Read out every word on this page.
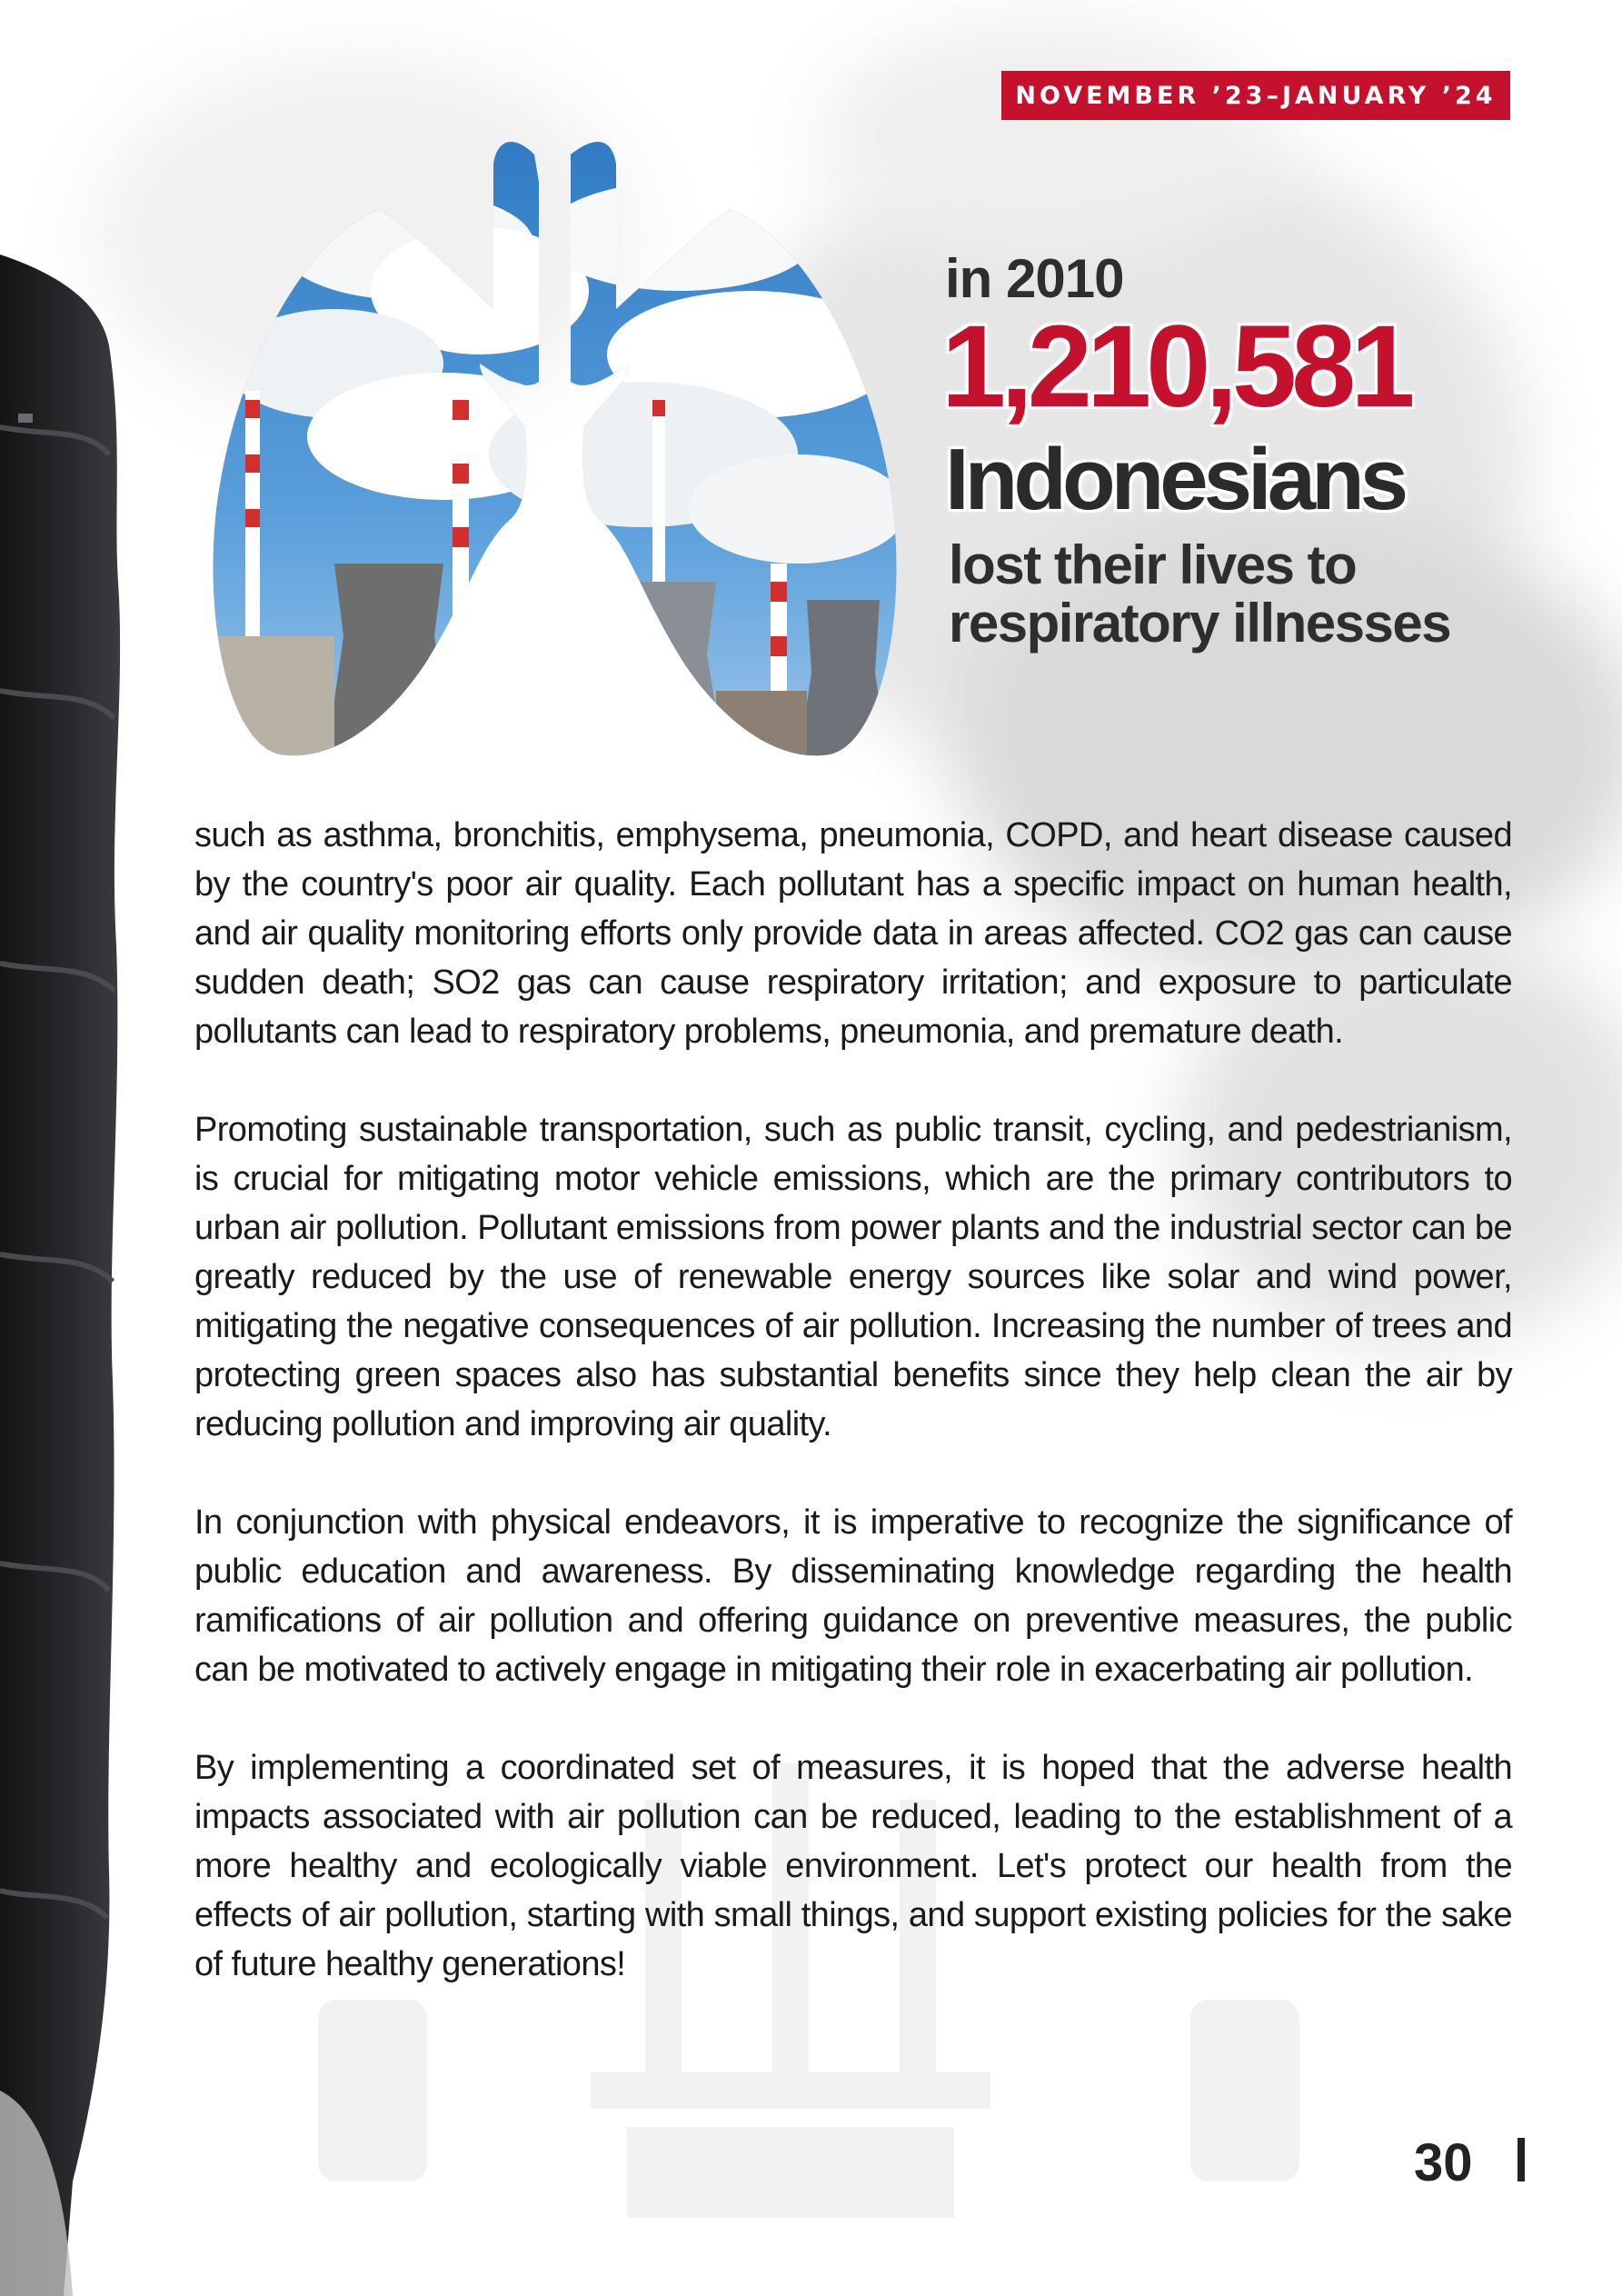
NOVEMBER ’23–JANUARY ’24
in 2010
1,210,581
Indonesians
lost their lives to
respiratory illnesses

such as asthma, bronchitis, emphysema, pneumonia, COPD, and heart disease caused by the country's poor air quality. Each pollutant has a specific impact on human health, and air quality monitoring efforts only provide data in areas affected. CO2 gas can cause sudden death; SO2 gas can cause respiratory irritation; and exposure to particulate pollutants can lead to respiratory problems, pneumonia, and premature death.

Promoting sustainable transportation, such as public transit, cycling, and pedestrianism, is crucial for mitigating motor vehicle emissions, which are the primary contributors to urban air pollution. Pollutant emissions from power plants and the industrial sector can be greatly reduced by the use of renewable energy sources like solar and wind power, mitigating the negative consequences of air pollution. Increasing the number of trees and protecting green spaces also has substantial benefits since they help clean the air by reducing pollution and improving air quality.

In conjunction with physical endeavors, it is imperative to recognize the significance of public education and awareness. By disseminating knowledge regarding the health ramifications of air pollution and offering guidance on preventive measures, the public can be motivated to actively engage in mitigating their role in exacerbating air pollution.

By implementing a coordinated set of measures, it is hoped that the adverse health impacts associated with air pollution can be reduced, leading to the establishment of a more healthy and ecologically viable environment. Let's protect our health from the effects of air pollution, starting with small things, and support existing policies for the sake of future healthy generations!

30
